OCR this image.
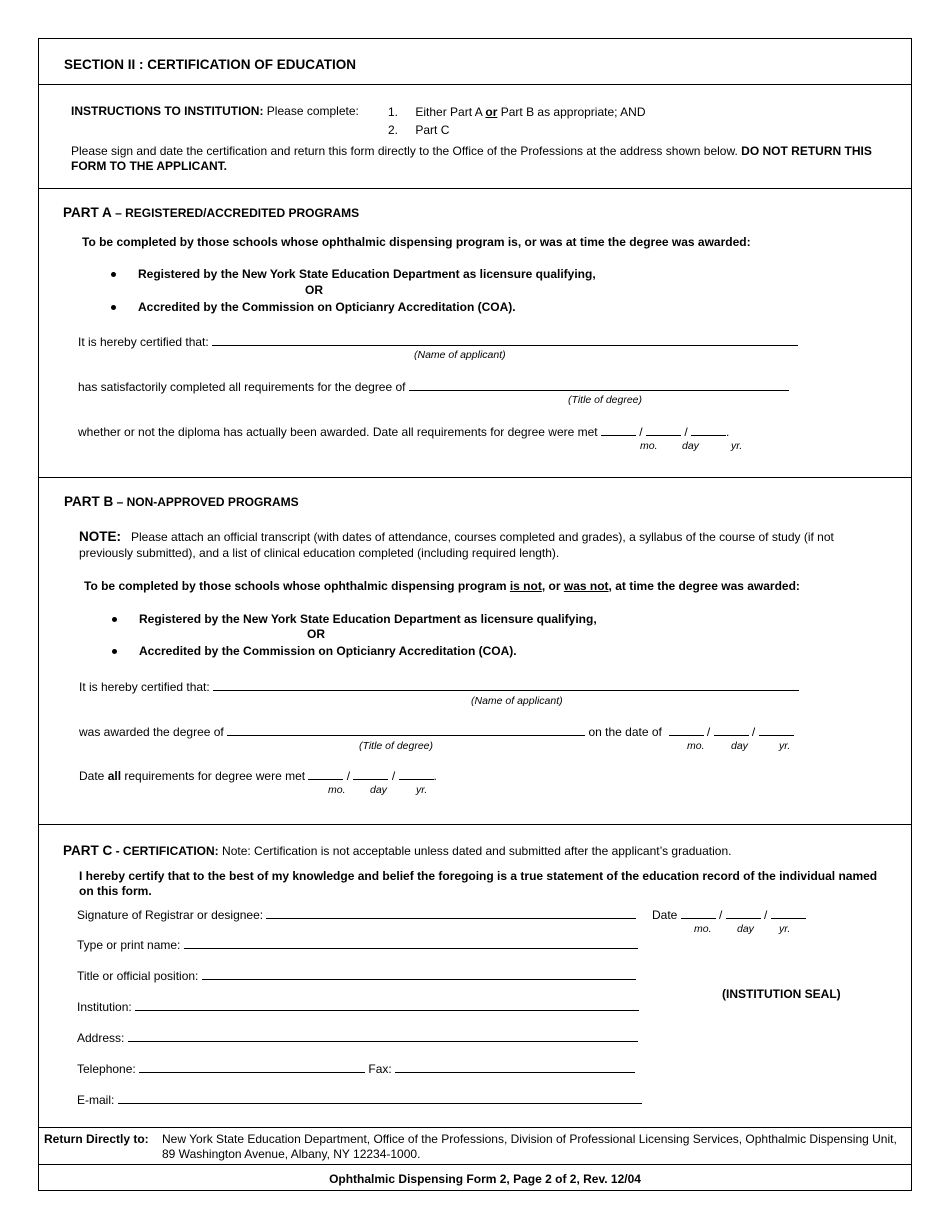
SECTION II : CERTIFICATION OF EDUCATION
INSTRUCTIONS TO INSTITUTION: Please complete: 1. Either Part A or Part B as appropriate; AND
2. Part C
Please sign and date the certification and return this form directly to the Office of the Professions at the address shown below. DO NOT RETURN THIS FORM TO THE APPLICANT.
PART A – REGISTERED/ACCREDITED PROGRAMS
To be completed by those schools whose ophthalmic dispensing program is, or was at time the degree was awarded:
Registered by the New York State Education Department as licensure qualifying,
OR
Accredited by the Commission on Opticianry Accreditation (COA).
It is hereby certified that:
(Name of applicant)
has satisfactorily completed all requirements for the degree of
(Title of degree)
whether or not the diploma has actually been awarded. Date all requirements for degree were met	/	/	.
mo. day	yr.
PART B – NON-APPROVED PROGRAMS
NOTE: Please attach an official transcript (with dates of attendance, courses completed and grades), a syllabus of the course of study (if not previously submitted), and a list of clinical education completed (including required length).
To be completed by those schools whose ophthalmic dispensing program is not, or was not, at time the degree was awarded:
Registered by the New York State Education Department as licensure qualifying,
OR
Accredited by the Commission on Opticianry Accreditation (COA).
It is hereby certified that:
(Name of applicant)
was awarded the degree of	on the date of	/	/
(Title of degree)	mo.	day	yr.
Date all requirements for degree were met	/	/	.
mo. day	yr.
PART C - CERTIFICATION: Note: Certification is not acceptable unless dated and submitted after the applicant’s graduation.
I hereby certify that to the best of my knowledge and belief the foregoing is a true statement of the education record of the individual named on this form.
Signature of Registrar or designee:	Date	/	/
mo. day yr.
Type or print name:
Title or official position:
Institution:
Address:
Telephone:	Fax:
E-mail:
(INSTITUTION SEAL)
Return Directly to: New York State Education Department, Office of the Professions, Division of Professional Licensing Services, Ophthalmic Dispensing Unit, 89 Washington Avenue, Albany, NY 12234-1000.
Ophthalmic Dispensing Form 2, Page 2 of 2, Rev. 12/04
